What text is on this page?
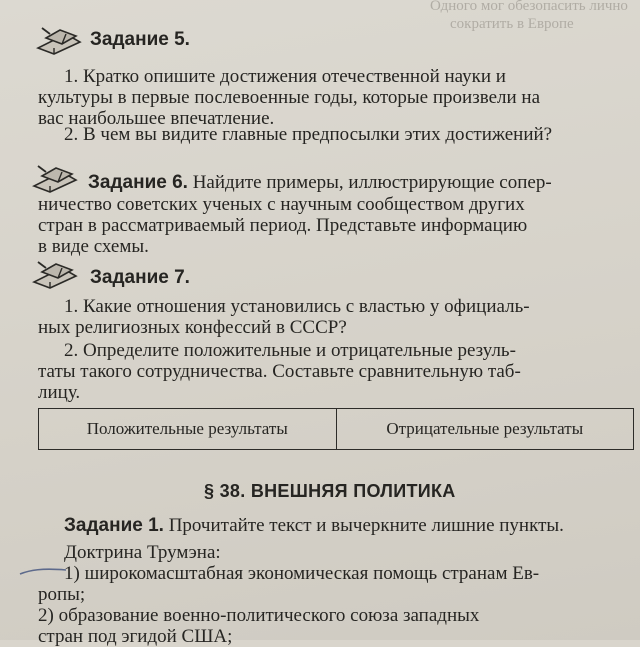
Одного мог обезопасить лично
сократить в Европе
Задание 5.
1. Кратко опишите достижения отечественной науки и
культуры в первые послевоенные годы, которые произвели на
вас наибольшее впечатление.
2. В чем вы видите главные предпосылки этих достижений?
Задание 6. Найдите примеры, иллюстрирующие сопер-
ничество советских ученых с научным сообществом других
стран в рассматриваемый период. Представьте информацию
в виде схемы.
Задание 7.
1. Какие отношения установились с властью у официаль-
ных религиозных конфессий в СССР?
2. Определите положительные и отрицательные резуль-
таты такого сотрудничества. Составьте сравнительную таб-
лицу.
Положительные результаты	Отрицательные результаты
§ 38. ВНЕШНЯЯ ПОЛИТИКА
Задание 1. Прочитайте текст и вычеркните лишние пункты.
Доктрина Трумэна:
1) широкомасштабная экономическая помощь странам Ев-
ропы;
2) образование военно-политического союза западных
стран под эгидой США;
